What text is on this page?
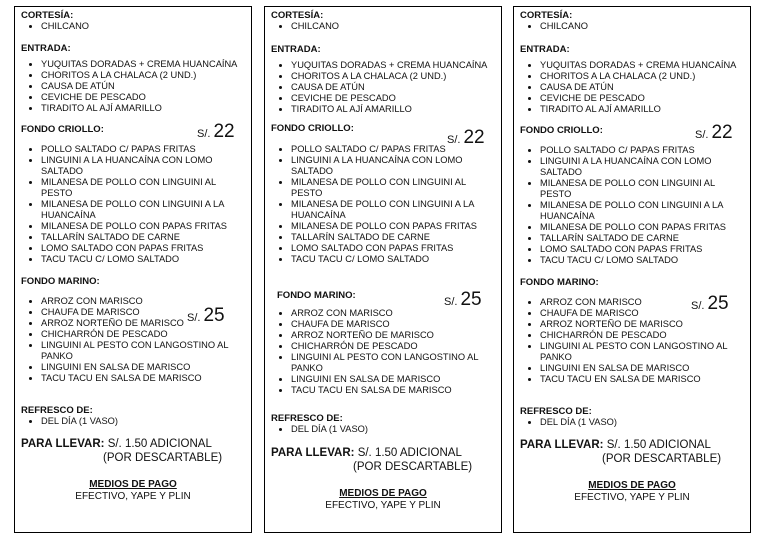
CORTESÍA:
• CHILCANO
ENTRADA:
• YUQUITAS DORADAS + CREMA HUANCAÍNA
• CHORITOS A LA CHALACA (2 UND.)
• CAUSA DE ATÚN
• CEVICHE DE PESCADO
• TIRADITO AL AJÍ AMARILLO
FONDO CRIOLLO:
• POLLO SALTADO C/ PAPAS FRITAS
• LINGUINI A LA HUANCAÍNA CON LOMO SALTADO
• MILANESA DE POLLO CON LINGUINI AL PESTO
• MILANESA DE POLLO CON LINGUINI A LA HUANCAÍNA
• MILANESA DE POLLO CON PAPAS FRITAS
• TALLARÍN SALTADO DE CARNE
• LOMO SALTADO CON PAPAS FRITAS
• TACU TACU C/ LOMO SALTADO
S/. 22
FONDO MARINO:
• ARROZ CON MARISCO
• CHAUFA DE MARISCO
• ARROZ NORTEÑO DE MARISCO
• CHICHARRÓN DE PESCADO
• LINGUINI AL PESTO CON LANGOSTINO AL PANKO
• LINGUINI EN SALSA DE MARISCO
• TACU TACU EN SALSA DE MARISCO
S/. 25
REFRESCO DE:
• DEL DÍA (1 VASO)
PARA LLEVAR: S/. 1.50 ADICIONAL
(POR DESCARTABLE)
MEDIOS DE PAGO
EFECTIVO, YAPE Y PLIN
CORTESÍA:
• CHILCANO
ENTRADA:
• YUQUITAS DORADAS + CREMA HUANCAÍNA
• CHORITOS A LA CHALACA (2 UND.)
• CAUSA DE ATÚN
• CEVICHE DE PESCADO
• TIRADITO AL AJÍ AMARILLO
FONDO CRIOLLO:
• POLLO SALTADO C/ PAPAS FRITAS
• LINGUINI A LA HUANCAÍNA CON LOMO SALTADO
• MILANESA DE POLLO CON LINGUINI AL PESTO
• MILANESA DE POLLO CON LINGUINI A LA HUANCAÍNA
• MILANESA DE POLLO CON PAPAS FRITAS
• TALLARÍN SALTADO DE CARNE
• LOMO SALTADO CON PAPAS FRITAS
• TACU TACU C/ LOMO SALTADO
S/. 22
FONDO MARINO:
• ARROZ CON MARISCO
• CHAUFA DE MARISCO
• ARROZ NORTEÑO DE MARISCO
• CHICHARRÓN DE PESCADO
• LINGUINI AL PESTO CON LANGOSTINO AL PANKO
• LINGUINI EN SALSA DE MARISCO
• TACU TACU EN SALSA DE MARISCO
S/. 25
REFRESCO DE:
• DEL DÍA (1 VASO)
PARA LLEVAR: S/. 1.50 ADICIONAL
(POR DESCARTABLE)
MEDIOS DE PAGO
EFECTIVO, YAPE Y PLIN
CORTESÍA:
• CHILCANO
ENTRADA:
• YUQUITAS DORADAS + CREMA HUANCAÍNA
• CHORITOS A LA CHALACA (2 UND.)
• CAUSA DE ATÚN
• CEVICHE DE PESCADO
• TIRADITO AL AJÍ AMARILLO
FONDO CRIOLLO:
• POLLO SALTADO C/ PAPAS FRITAS
• LINGUINI A LA HUANCAÍNA CON LOMO SALTADO
• MILANESA DE POLLO CON LINGUINI AL PESTO
• MILANESA DE POLLO CON LINGUINI A LA HUANCAÍNA
• MILANESA DE POLLO CON PAPAS FRITAS
• TALLARÍN SALTADO DE CARNE
• LOMO SALTADO CON PAPAS FRITAS
• TACU TACU C/ LOMO SALTADO
S/. 22
FONDO MARINO:
• ARROZ CON MARISCO
• CHAUFA DE MARISCO
• ARROZ NORTEÑO DE MARISCO
• CHICHARRÓN DE PESCADO
• LINGUINI AL PESTO CON LANGOSTINO AL PANKO
• LINGUINI EN SALSA DE MARISCO
• TACU TACU EN SALSA DE MARISCO
S/. 25
REFRESCO DE:
• DEL DÍA (1 VASO)
PARA LLEVAR: S/. 1.50 ADICIONAL
(POR DESCARTABLE)
MEDIOS DE PAGO
EFECTIVO, YAPE Y PLIN
